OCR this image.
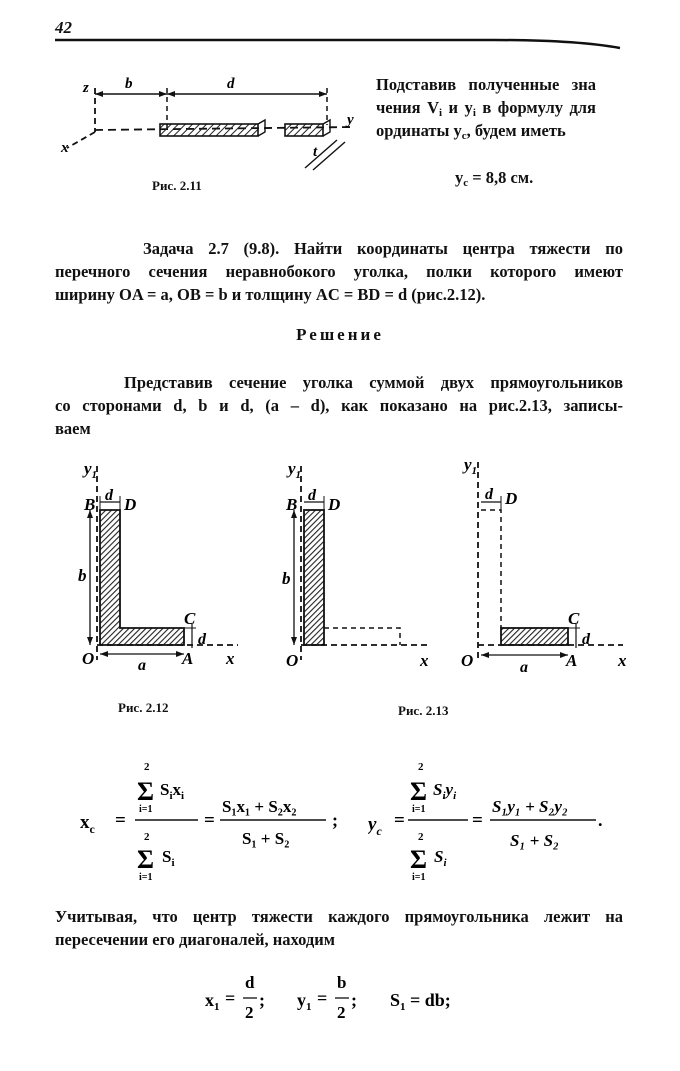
42
z b	d
x
y
t
Рис. 2.11
Подставив полученные зна
чения $V_i$ и $y_i$ в формулу для
ординаты $y_c$, будем иметь
$y_c = 8,8$ см.
Задача 2.7 (9.8). Найти координаты центра тяжести по
перечного сечения неравнобокого уголка, полки которого имеют
ширину OA = a, OB = b и толщину AC = BD = d (рис.2.12).
Решение
Представив сечение уголка суммой двух прямоугольников
со сторонами d, b и d, (a – d), как показано на рис.2.13, записы-
ваем
$y_1$
B d D
b
C
d
O	a A x
Рис. 2.12
$y_1$
B d D
b
O	x
$y_1$
d D
C
d
O	a A x
Рис. 2.13
$x_c$ =
2
Σ
i=1
$S_ix_i$
2
Σ
i=1
$S_i$
=
S₁x₁ + S₂x₂
S₁ + S₂
; $y_c$ =
2
Σ
i=1
$S_iy_i$
2
Σ
i=1
$S_i$
=
S₁y₁ + S₂y₂
S₁ + S₂
.
Учитывая, что центр тяжести каждого прямоугольника лежит на
пересечении его диагоналей, находим
$x_1$ =
d
2
; $y_1$ =
b
2
; $S_1$ = db;
